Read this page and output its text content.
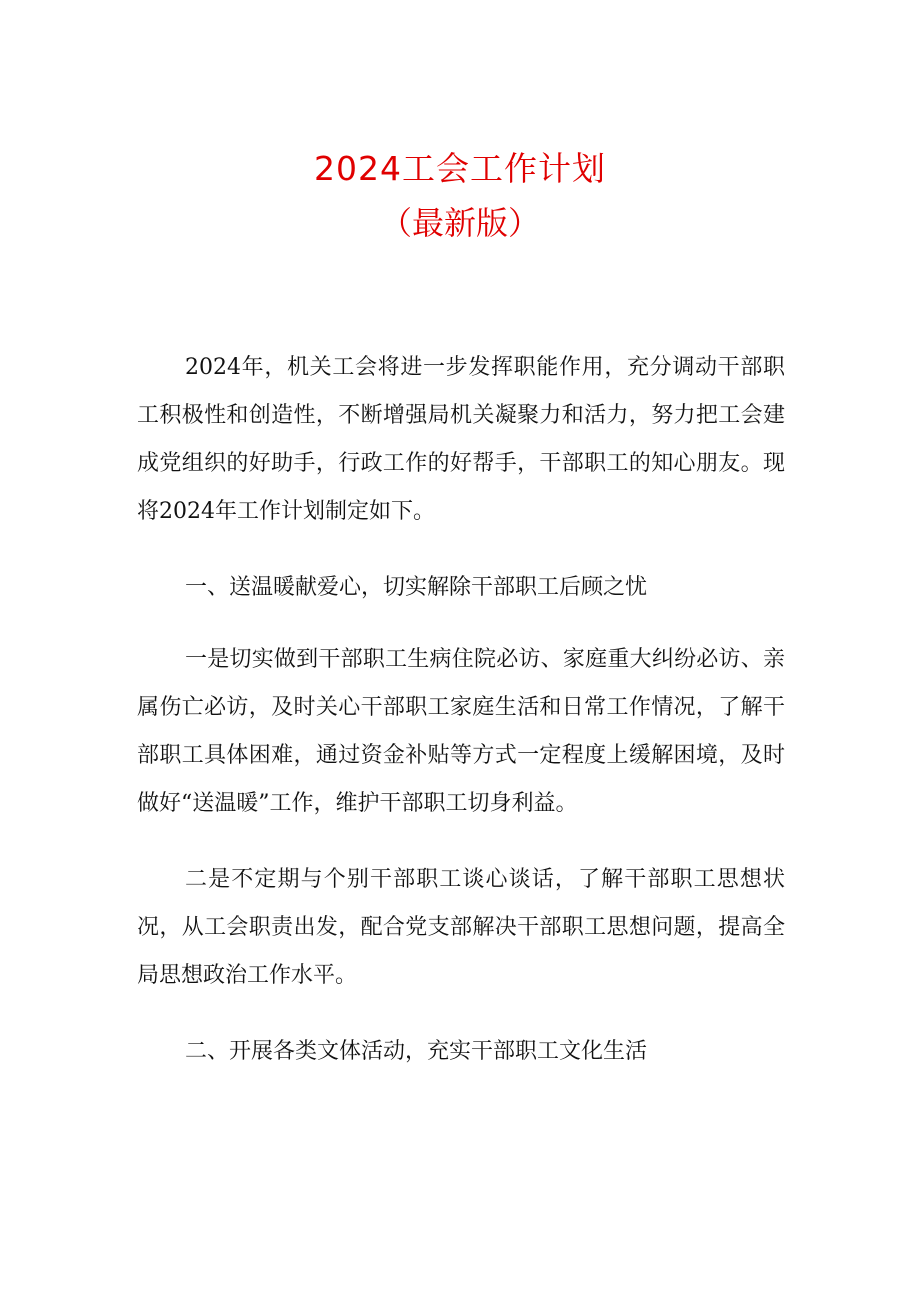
2024工会工作计划
（最新版）

2024年，机关工会将进一步发挥职能作用，充分调动干部职工积极性和创造性，不断增强局机关凝聚力和活力，努力把工会建成党组织的好助手，行政工作的好帮手，干部职工的知心朋友。现将2024年工作计划制定如下。

一、送温暖献爱心，切实解除干部职工后顾之忧

一是切实做到干部职工生病住院必访、家庭重大纠纷必访、亲属伤亡必访，及时关心干部职工家庭生活和日常工作情况，了解干部职工具体困难，通过资金补贴等方式一定程度上缓解困境，及时做好“送温暖”工作，维护干部职工切身利益。

二是不定期与个别干部职工谈心谈话，了解干部职工思想状况，从工会职责出发，配合党支部解决干部职工思想问题，提高全局思想政治工作水平。

二、开展各类文体活动，充实干部职工文化生活
